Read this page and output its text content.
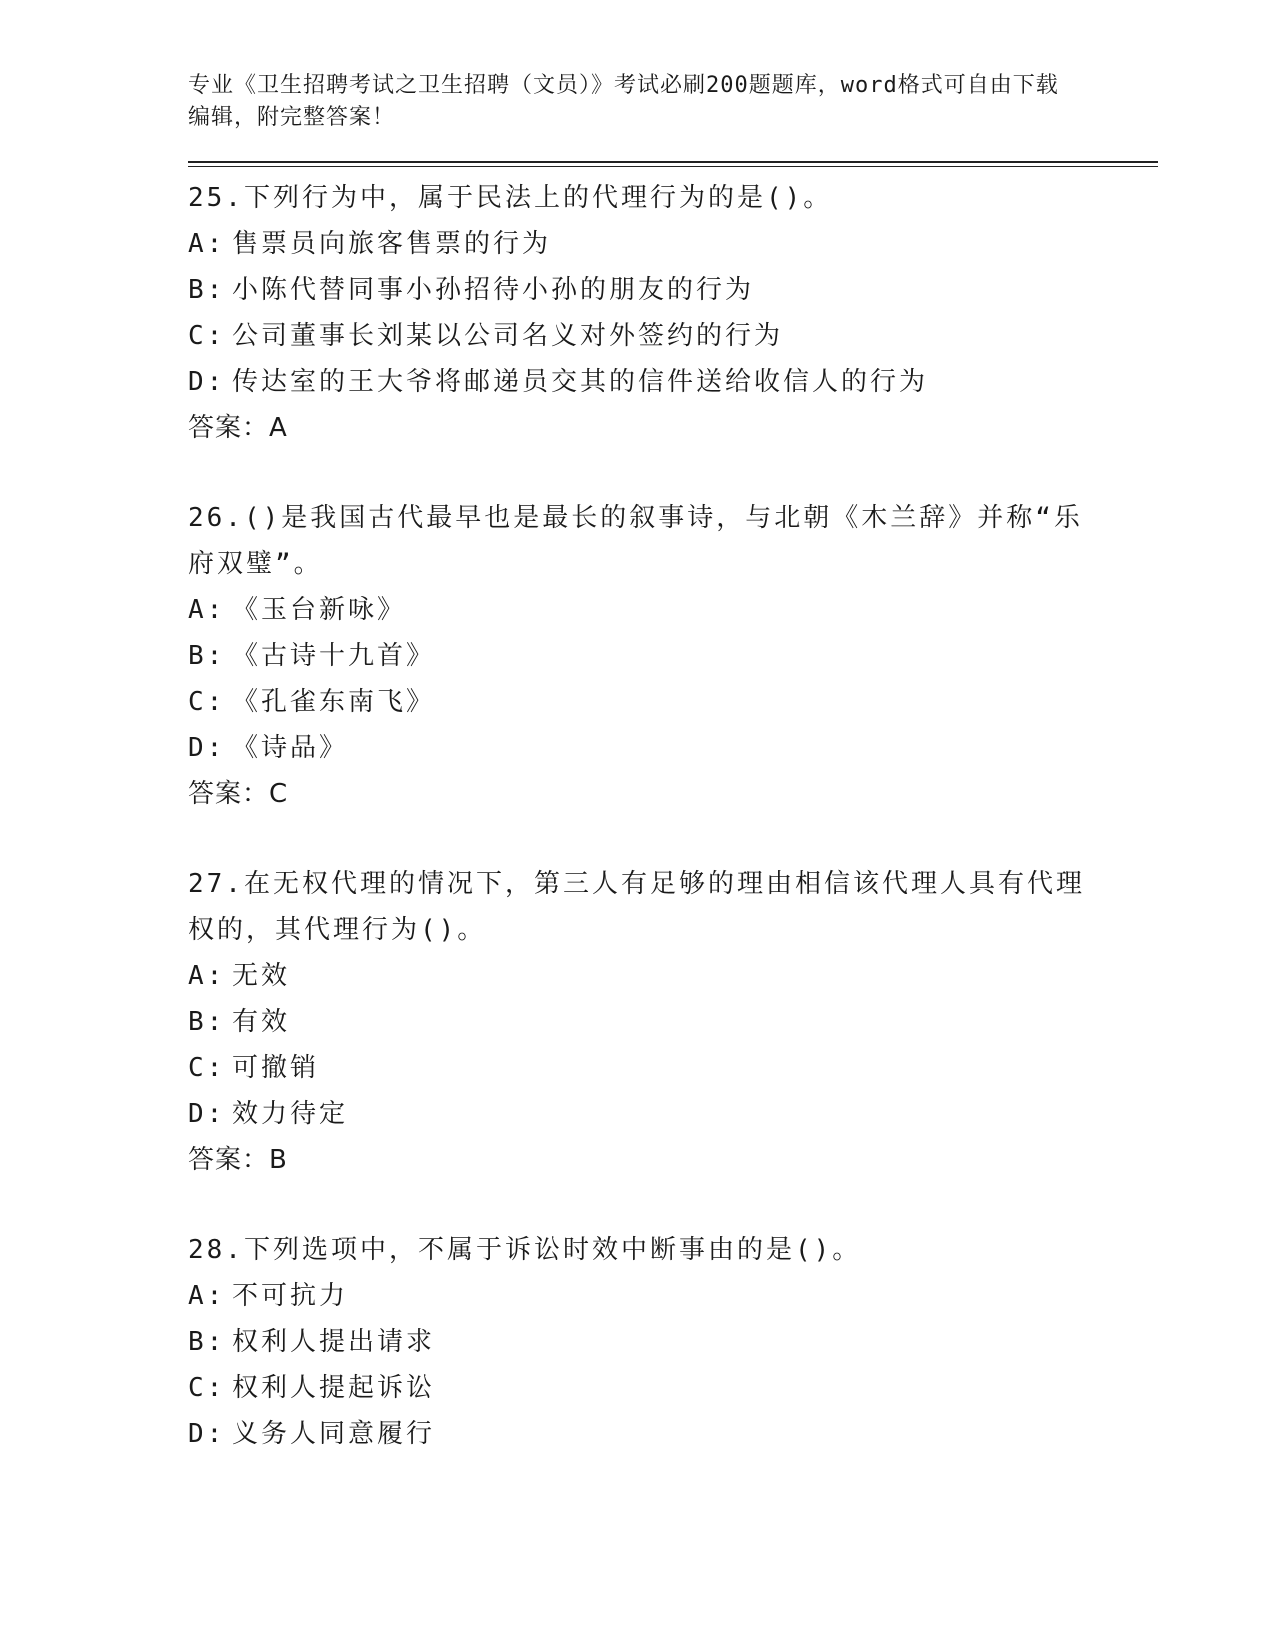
专业《卫生招聘考试之卫生招聘（文员）》考试必刷200题题库，word格式可自由下载编辑，附完整答案！

25.下列行为中，属于民法上的代理行为的是()。

A: 售票员向旅客售票的行为

B: 小陈代替同事小孙招待小孙的朋友的行为

C: 公司董事长刘某以公司名义对外签约的行为

D: 传达室的王大爷将邮递员交其的信件送给收信人的行为

答案：A

26.()是我国古代最早也是最长的叙事诗，与北朝《木兰辞》并称“乐府双璧”。

A: 《玉台新咏》

B: 《古诗十九首》

C: 《孔雀东南飞》

D: 《诗品》

答案：C

27.在无权代理的情况下，第三人有足够的理由相信该代理人具有代理权的，其代理行为()。

A: 无效

B: 有效

C: 可撤销

D: 效力待定

答案：B

28.下列选项中，不属于诉讼时效中断事由的是()。

A: 不可抗力

B: 权利人提出请求

C: 权利人提起诉讼

D: 义务人同意履行
